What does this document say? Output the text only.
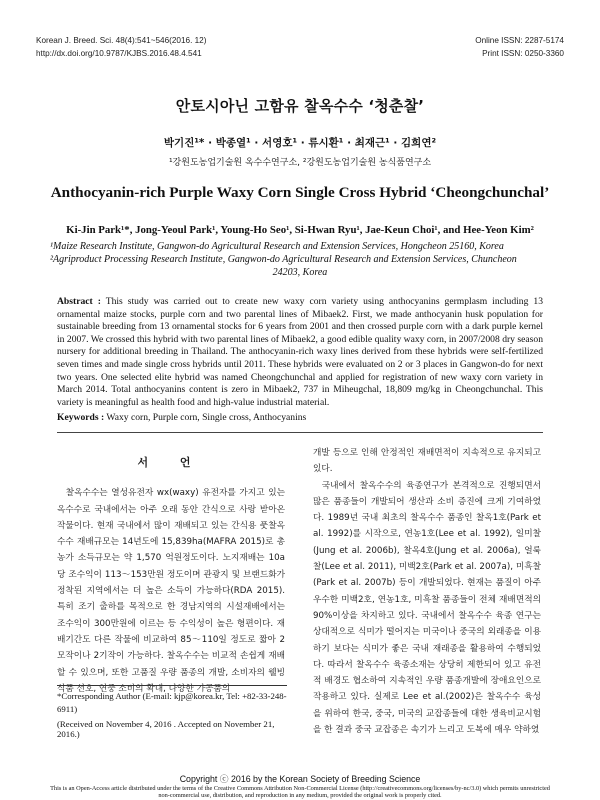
Korean J. Breed. Sci. 48(4):541~546(2016. 12)
http://dx.doi.org/10.9787/KJBS.2016.48.4.541
Online ISSN: 2287-5174
Print ISSN: 0250-3360
안토시아닌 고함유 찰옥수수 ‘청춘찰’
박기진¹* · 박종열¹ · 서영호¹ · 류시환¹ · 최재근¹ · 김희연²
¹강원도농업기술원 옥수수연구소, ²강원도농업기술원 농식품연구소
Anthocyanin-rich Purple Waxy Corn Single Cross Hybrid ‘Cheongchunchal’
Ki-Jin Park¹*, Jong-Yeoul Park¹, Young-Ho Seo¹, Si-Hwan Ryu¹, Jae-Keun Choi¹, and Hee-Yeon Kim²
¹Maize Research Institute, Gangwon-do Agricultural Research and Extension Services, Hongcheon 25160, Korea
²Agriproduct Processing Research Institute, Gangwon-do Agricultural Research and Extension Services, Chuncheon
24203, Korea
Abstract : This study was carried out to create new waxy corn variety using anthocyanins germplasm including 13 ornamental maize stocks, purple corn and two parental lines of Mibaek2. First, we made anthocyanin husk population for sustainable breeding from 13 ornamental stocks for 6 years from 2001 and then crossed purple corn with a dark purple kernel in 2007. We crossed this hybrid with two parental lines of Mibaek2, a good edible quality waxy corn, in 2007/2008 dry season nursery for additional breeding in Thailand. The anthocyanin-rich waxy lines derived from these hybrids were self-fertilized seven times and made single cross hybrids until 2011. These hybrids were evaluated on 2 or 3 places in Gangwon-do for next two years. One selected elite hybrid was named Cheongchunchal and applied for registration of new waxy corn variety in March 2014. Total anthocyanins content is zero in Mibaek2, 737 in Miheugchal, 18,809 mg/kg in Cheongchunchal. This variety is meaningful as health food and high-value industrial material.
Keywords : Waxy corn, Purple corn, Single cross, Anthocyanins
서 언

찰옥수수는 열성유전자 wx(waxy) 유전자를 가지고 있는 옥수수로 국내에서는 아주 오래 동안 간식으로 사랑 받아온 작물이다. 현재 국내에서 많이 재배되고 있는 간식용 풋찰옥수수 재배규모는 14년도에 15,839ha(MAFRA 2015)로 총 농가 소득규모는 약 1,570 억원정도이다. 노지재배는 10a당 조수익이 113～153만원 정도이며 관광지 및 브랜드화가 정착된 지역에서는 더 높은 소득이 가능하다(RDA 2015). 특히 조기 출하를 목적으로 한 경남지역의 시설재배에서는 조수익이 300만원에 이르는 등 수익성이 높은 형편이다. 재배기간도 다른 작물에 비교하여 85～110일 정도로 짧아 2모작이나 2기작이 가능하다. 찰옥수수는 비교적 손쉽게 재배할 수 있으며, 또한 고품질 우량 품종의 개발, 소비자의 웰빙식품 선호, 연중 소비의 확대, 다양한 가공품의

개발 등으로 인해 안정적인 재배면적이 지속적으로 유지되고 있다.

국내에서 찰옥수수의 육종연구가 본격적으로 진행되면서 많은 품종들이 개발되어 생산과 소비 증진에 크게 기여하였다. 1989년 국내 최초의 찰옥수수 품종인 찰옥1호(Park et al. 1992)를 시작으로, 연농1호(Lee et al. 1992), 일미찰(Jung et al. 2006b), 찰옥4호(Jung et al. 2006a), 얼룩찰(Lee et al. 2011), 미백2호(Park et al. 2007a), 미흑찰(Park et al. 2007b) 등이 개발되었다. 현재는 품질이 아주 우수한 미백2호, 연농1호, 미흑찰 품종들이 전체 재배면적의 90%이상을 차지하고 있다. 국내에서 찰옥수수 육종 연구는 상대적으로 식미가 떨어지는 미국이나 중국의 외래종을 이용하기 보다는 식미가 좋은 국내 재래종을 활용하여 수행되었다. 따라서 찰옥수수 육종소재는 상당히 제한되어 있고 유전적 배경도 협소하여 지속적인 우량 품종개발에 장애요인으로 작용하고 있다. 실제로 Lee et al.(2002)은 찰옥수수 육성을 위하여 한국, 중국, 미국의 교잡종들에 대한 생육비교시험을 한 결과 중국 교잡종은 속기가 느리고 도복에 매우 약하였

*Corresponding Author (E-mail: kjp@korea.kr, Tel: +82-33-248-6911)
(Received on November 4, 2016 . Accepted on November 21, 2016.)
Copyright ⓒ 2016 by the Korean Society of Breeding Science
This is an Open-Access article distributed under the terms of the Creative Commons Attribution Non-Commercial License (http://creativecommons.org/licenses/by-nc/3.0) which permits unrestricted non-commercial use, distribution, and reproduction in any medium, provided the original work is properly cited.
